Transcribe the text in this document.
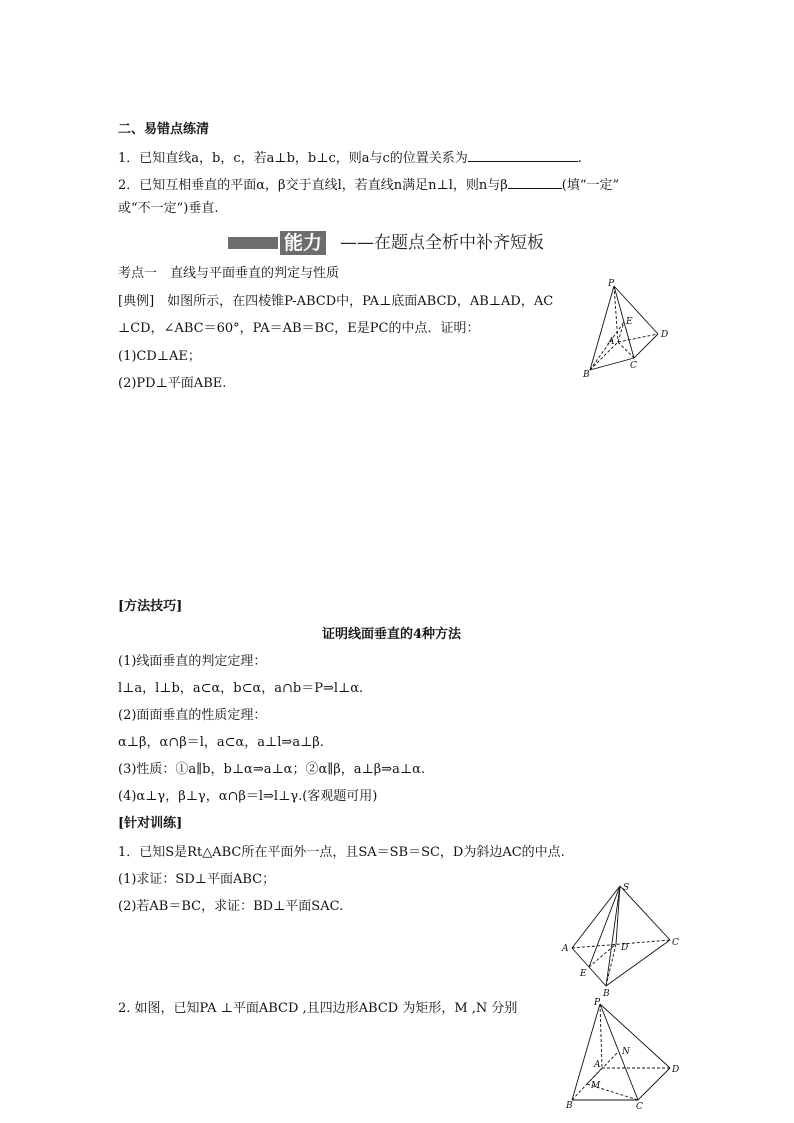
二、易错点练清
1．已知直线a，b，c，若a⊥b，b⊥c，则a与c的位置关系为	.
2．已知互相垂直的平面α，β交于直线l，若直线n满足n⊥l，则n与β	(填“一定”
或“不一定”)垂直.
能力 ——在题点全析中补齐短板
考点一　直线与平面垂直的判定与性质
[典例]　如图所示，在四棱锥P-ABCD中，PA⊥底面ABCD，AB⊥AD，AC
⊥CD，∠ABC＝60°，PA＝AB＝BC，E是PC的中点．证明：
(1)CD⊥AE；
(2)PD⊥平面ABE.
P
E
A
D
B
C
[方法技巧]
证明线面垂直的4种方法
(1)线面垂直的判定定理：
l⊥a，l⊥b，a⊂α，b⊂α，a∩b＝P⇒l⊥α.
(2)面面垂直的性质定理：
α⊥β，α∩β＝l，a⊂α，a⊥l⇒a⊥β.
(3)性质：①a∥b，b⊥α⇒a⊥α；②α∥β，a⊥β⇒a⊥α.
(4)α⊥γ，β⊥γ，α∩β＝l⇒l⊥γ.(客观题可用)
[针对训练]
1．已知S是Rt△ABC所在平面外一点，且SA＝SB＝SC，D为斜边AC的中点.
(1)求证：SD⊥平面ABC；
(2)若AB＝BC，求证：BD⊥平面SAC.
S
A	D	C
E
B
2. 如图，已知PA ⊥平面ABCD ,且四边形ABCD 为矩形，M ,N 分别	P
N
A	D
M
B	C
